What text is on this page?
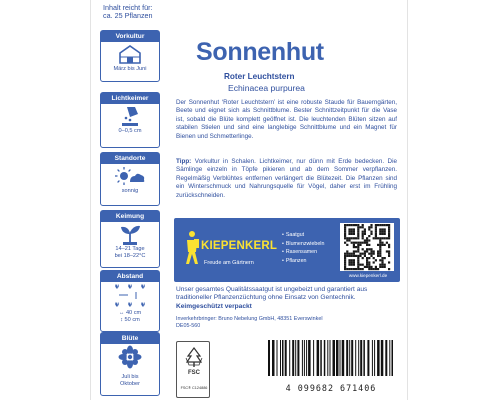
Inhalt reicht für:
ca. 25 Pflanzen
Vorkultur
März bis Juni
Lichtkeimer
0–0,5 cm
Standorte
sonnig
Keimung
14–21 Tage
bei 18–22°C
Abstand
↔ 40 cm
↕ 50 cm
Blüte
Juli bis
Oktober
Sonnenhut
Roter Leuchtstern
Echinacea purpurea
Der Sonnenhut ‘Roter Leuchtstern’ ist eine robuste Staude für Bauerngärten, Beete und eignet sich als Schnittblume. Bester Schnittzeitpunkt für die Vase ist, sobald die Blüte komplett geöffnet ist. Die leuchtenden Blüten sitzen auf stabilen Stielen und sind eine langlebige Schnittblume und ein Magnet für Bienen und Schmetterlinge.
Tipp: Vorkultur in Schalen. Lichtkeimer, nur dünn mit Erde bedecken. Die Sämlinge einzeln in Töpfe pikieren und ab dem Sommer verpflanzen. Regelmäßig Verblühtes entfernen verlängert die Blütezeit. Die Pflanzen sind ein Winterschmuck und Nahrungsquelle für Vögel, daher erst im Frühling zurückschneiden.
KIEPENKERL
Freude am Gärtnern
• Saatgut
• Blumenzwiebeln
• Rasensamen
• Pflanzen
www.kiepenkerl.de
Unser gesamtes Qualitätssaatgut ist ungebeizt und garantiert aus traditioneller Pflanzenzüchtung ohne Einsatz von Gentechnik.
Keimgeschützt verpackt
Inverkehrbringer: Bruno Nebelung GmbH, 48351 Everswinkel
DE05-560
FSC
FSC® C124886	4 099682 671406
